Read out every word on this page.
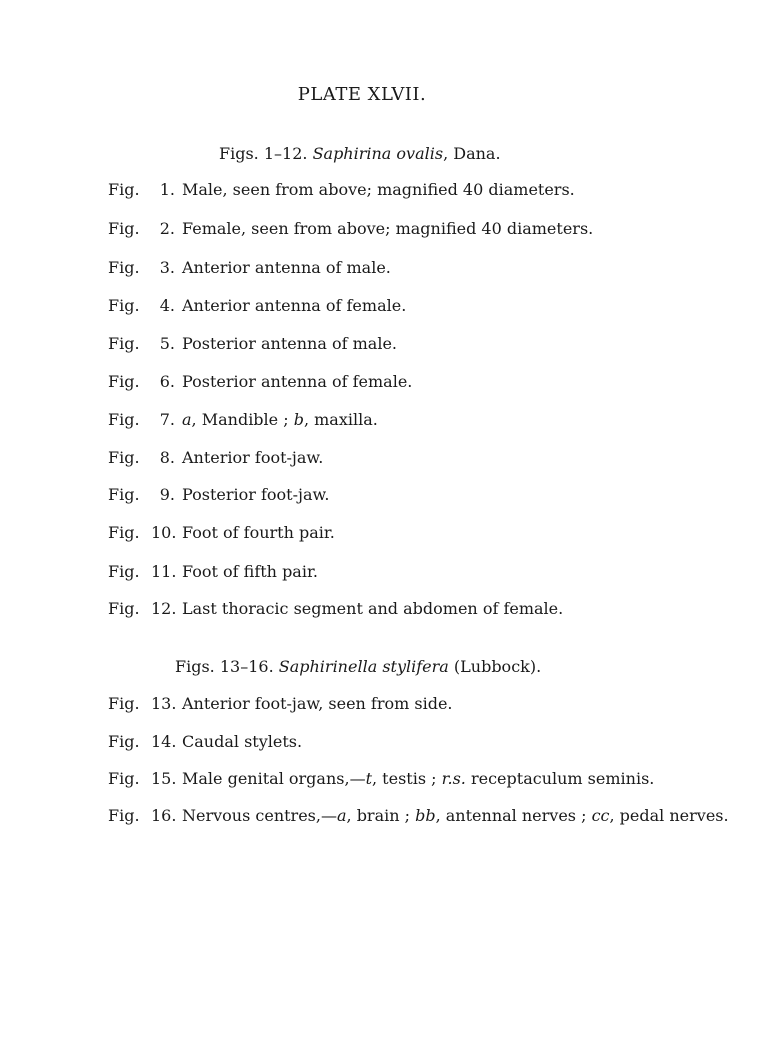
PLATE XLVII.
Figs. 1–12. Saphirina ovalis, Dana.
Fig. 1. Male, seen from above; magnified 40 diameters.
Fig. 2. Female, seen from above; magnified 40 diameters.
Fig. 3. Anterior antenna of male.
Fig. 4. Anterior antenna of female.
Fig. 5. Posterior antenna of male.
Fig. 6. Posterior antenna of female.
Fig. 7. a, Mandible ; b, maxilla.
Fig. 8. Anterior foot-jaw.
Fig. 9. Posterior foot-jaw.
Fig. 10. Foot of fourth pair.
Fig. 11. Foot of fifth pair.
Fig. 12. Last thoracic segment and abdomen of female.
Figs. 13–16. Saphirinella stylifera (Lubbock).
Fig. 13. Anterior foot-jaw, seen from side.
Fig. 14. Caudal stylets.
Fig. 15. Male genital organs,—t, testis ; r.s. receptaculum seminis.
Fig. 16. Nervous centres,—a, brain ; bb, antennal nerves ; cc, pedal nerves.
